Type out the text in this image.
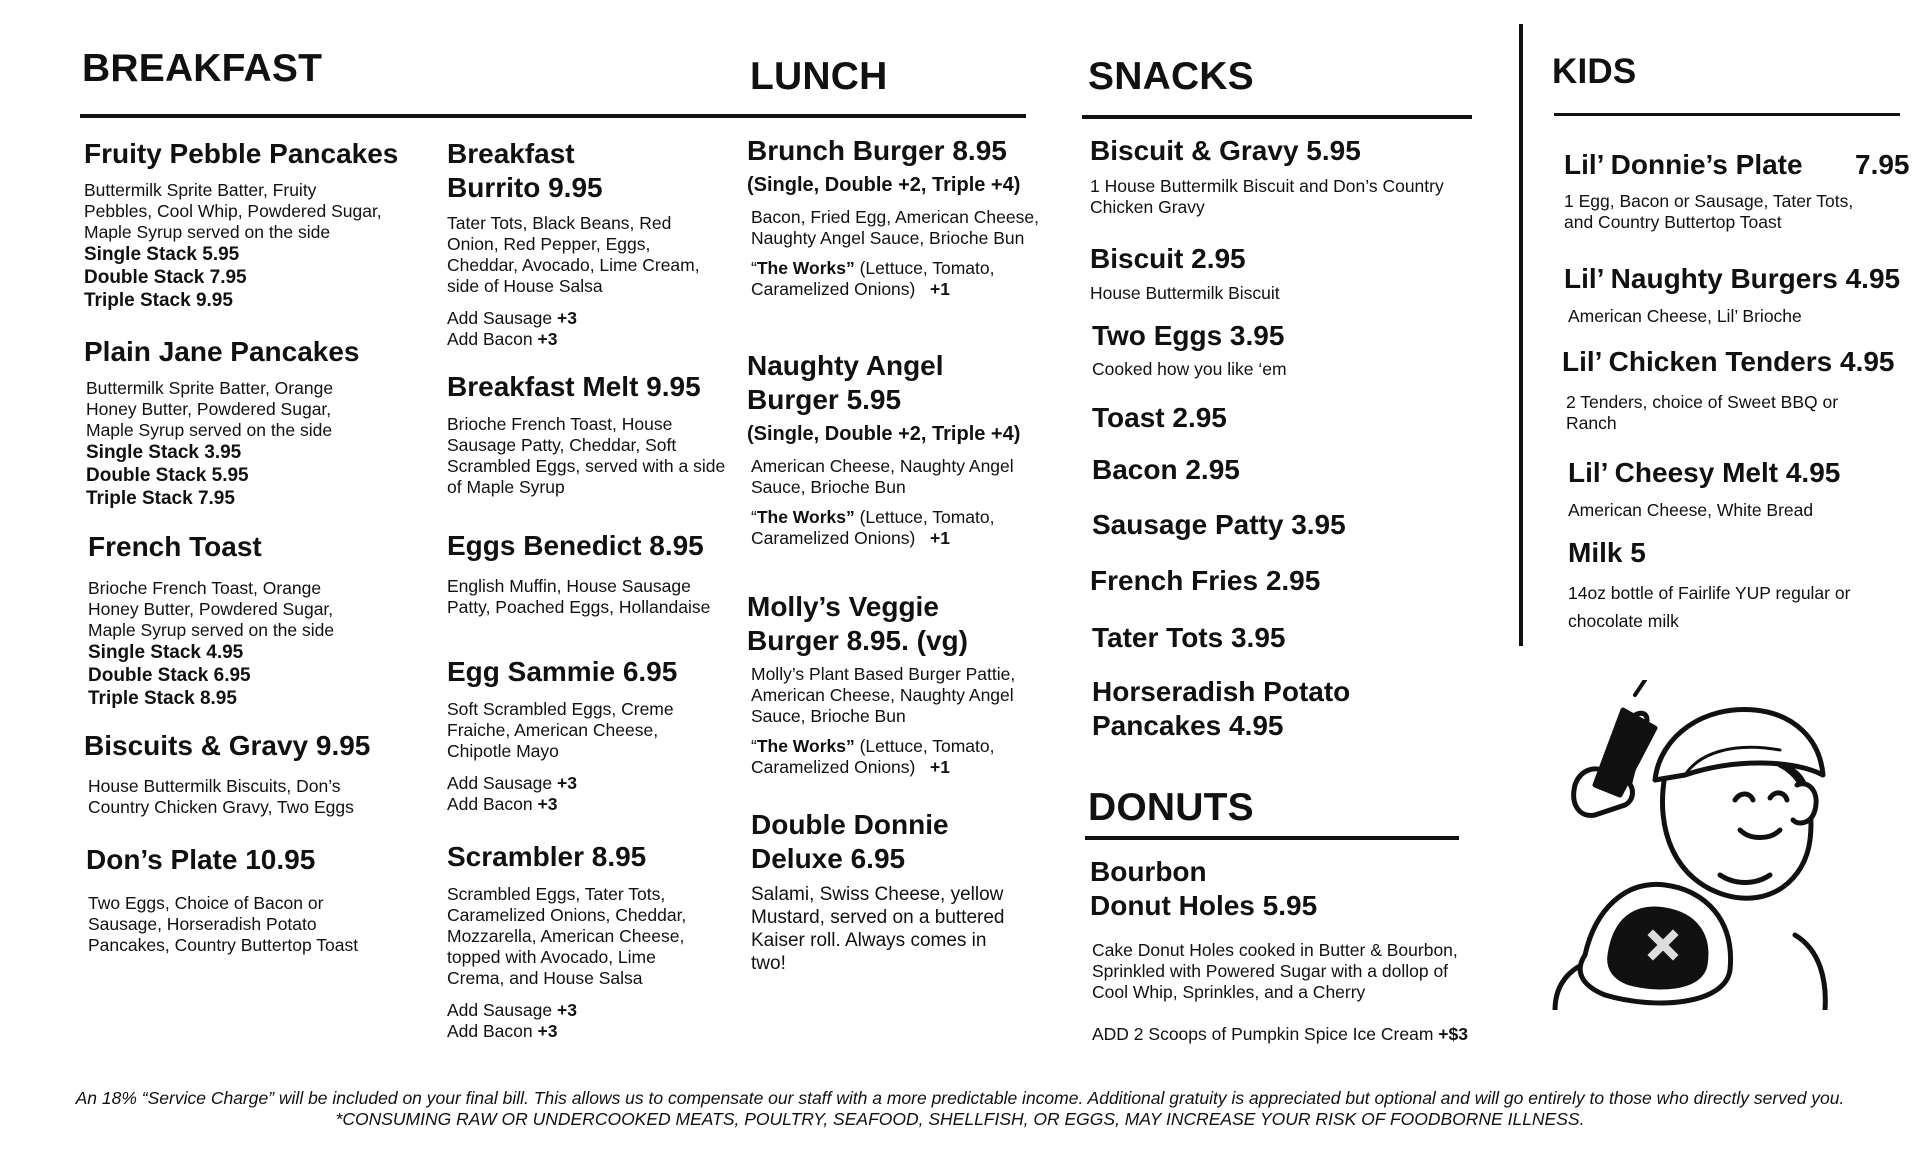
BREAKFAST	LUNCH	SNACKS	KIDS
Fruity Pebble Pancakes
Buttermilk Sprite Batter, Fruity Pebbles, Cool Whip, Powdered Sugar, Maple Syrup served on the side
Single Stack 5.95
Double Stack 7.95
Triple Stack 9.95
Plain Jane Pancakes
Buttermilk Sprite Batter, Orange Honey Butter, Powdered Sugar, Maple Syrup served on the side
Single Stack 3.95
Double Stack 5.95
Triple Stack 7.95
French Toast
Brioche French Toast, Orange Honey Butter, Powdered Sugar, Maple Syrup served on the side
Single Stack 4.95
Double Stack 6.95
Triple Stack 8.95
Biscuits & Gravy 9.95
House Buttermilk Biscuits, Don’s Country Chicken Gravy, Two Eggs
Don’s Plate 10.95
Two Eggs, Choice of Bacon or Sausage, Horseradish Potato Pancakes, Country Buttertop Toast
Breakfast
Burrito 9.95
Tater Tots, Black Beans, Red Onion, Red Pepper, Eggs, Cheddar, Avocado, Lime Cream, side of House Salsa
Add Sausage +3
Add Bacon +3
Breakfast Melt 9.95
Brioche French Toast, House Sausage Patty, Cheddar, Soft Scrambled Eggs, served with a side of Maple Syrup
Eggs Benedict 8.95
English Muffin, House Sausage Patty, Poached Eggs, Hollandaise
Egg Sammie 6.95
Soft Scrambled Eggs, Creme Fraiche, American Cheese, Chipotle Mayo
Add Sausage +3
Add Bacon +3
Scrambler 8.95
Scrambled Eggs, Tater Tots, Caramelized Onions, Cheddar, Mozzarella, American Cheese, topped with Avocado, Lime Crema, and House Salsa
Add Sausage +3
Add Bacon +3
Brunch Burger 8.95
(Single, Double +2, Triple +4)
Bacon, Fried Egg, American Cheese, Naughty Angel Sauce, Brioche Bun
“The Works” (Lettuce, Tomato, Caramelized Onions) +1
Naughty Angel
Burger 5.95
(Single, Double +2, Triple +4)
American Cheese, Naughty Angel Sauce, Brioche Bun
“The Works” (Lettuce, Tomato, Caramelized Onions) +1
Molly’s Veggie
Burger 8.95. (vg)
Molly’s Plant Based Burger Pattie, American Cheese, Naughty Angel Sauce, Brioche Bun
“The Works” (Lettuce, Tomato, Caramelized Onions) +1
Double Donnie
Deluxe 6.95
Salami, Swiss Cheese, yellow Mustard, served on a buttered Kaiser roll. Always comes in two!
Biscuit & Gravy 5.95
1 House Buttermilk Biscuit and Don’s Country Chicken Gravy
Biscuit 2.95
House Buttermilk Biscuit
Two Eggs 3.95
Cooked how you like ‘em
Toast 2.95
Bacon 2.95
Sausage Patty 3.95
French Fries 2.95
Tater Tots 3.95
Horseradish Potato
Pancakes 4.95
DONUTS
Bourbon
Donut Holes 5.95
Cake Donut Holes cooked in Butter & Bourbon, Sprinkled with Powered Sugar with a dollop of Cool Whip, Sprinkles, and a Cherry
ADD 2 Scoops of Pumpkin Spice Ice Cream +$3
Lil’ Donnie’s Plate 7.95
1 Egg, Bacon or Sausage, Tater Tots, and Country Buttertop Toast
Lil’ Naughty Burgers 4.95
American Cheese, Lil’ Brioche
Lil’ Chicken Tenders 4.95
2 Tenders, choice of Sweet BBQ or Ranch
Lil’ Cheesy Melt 4.95
American Cheese, White Bread
Milk 5
14oz bottle of Fairlife YUP regular or chocolate milk
An 18% “Service Charge” will be included on your final bill. This allows us to compensate our staff with a more predictable income. Additional gratuity is appreciated but optional and will go entirely to those who directly served you.
*CONSUMING RAW OR UNDERCOOKED MEATS, POULTRY, SEAFOOD, SHELLFISH, OR EGGS, MAY INCREASE YOUR RISK OF FOODBORNE ILLNESS.
